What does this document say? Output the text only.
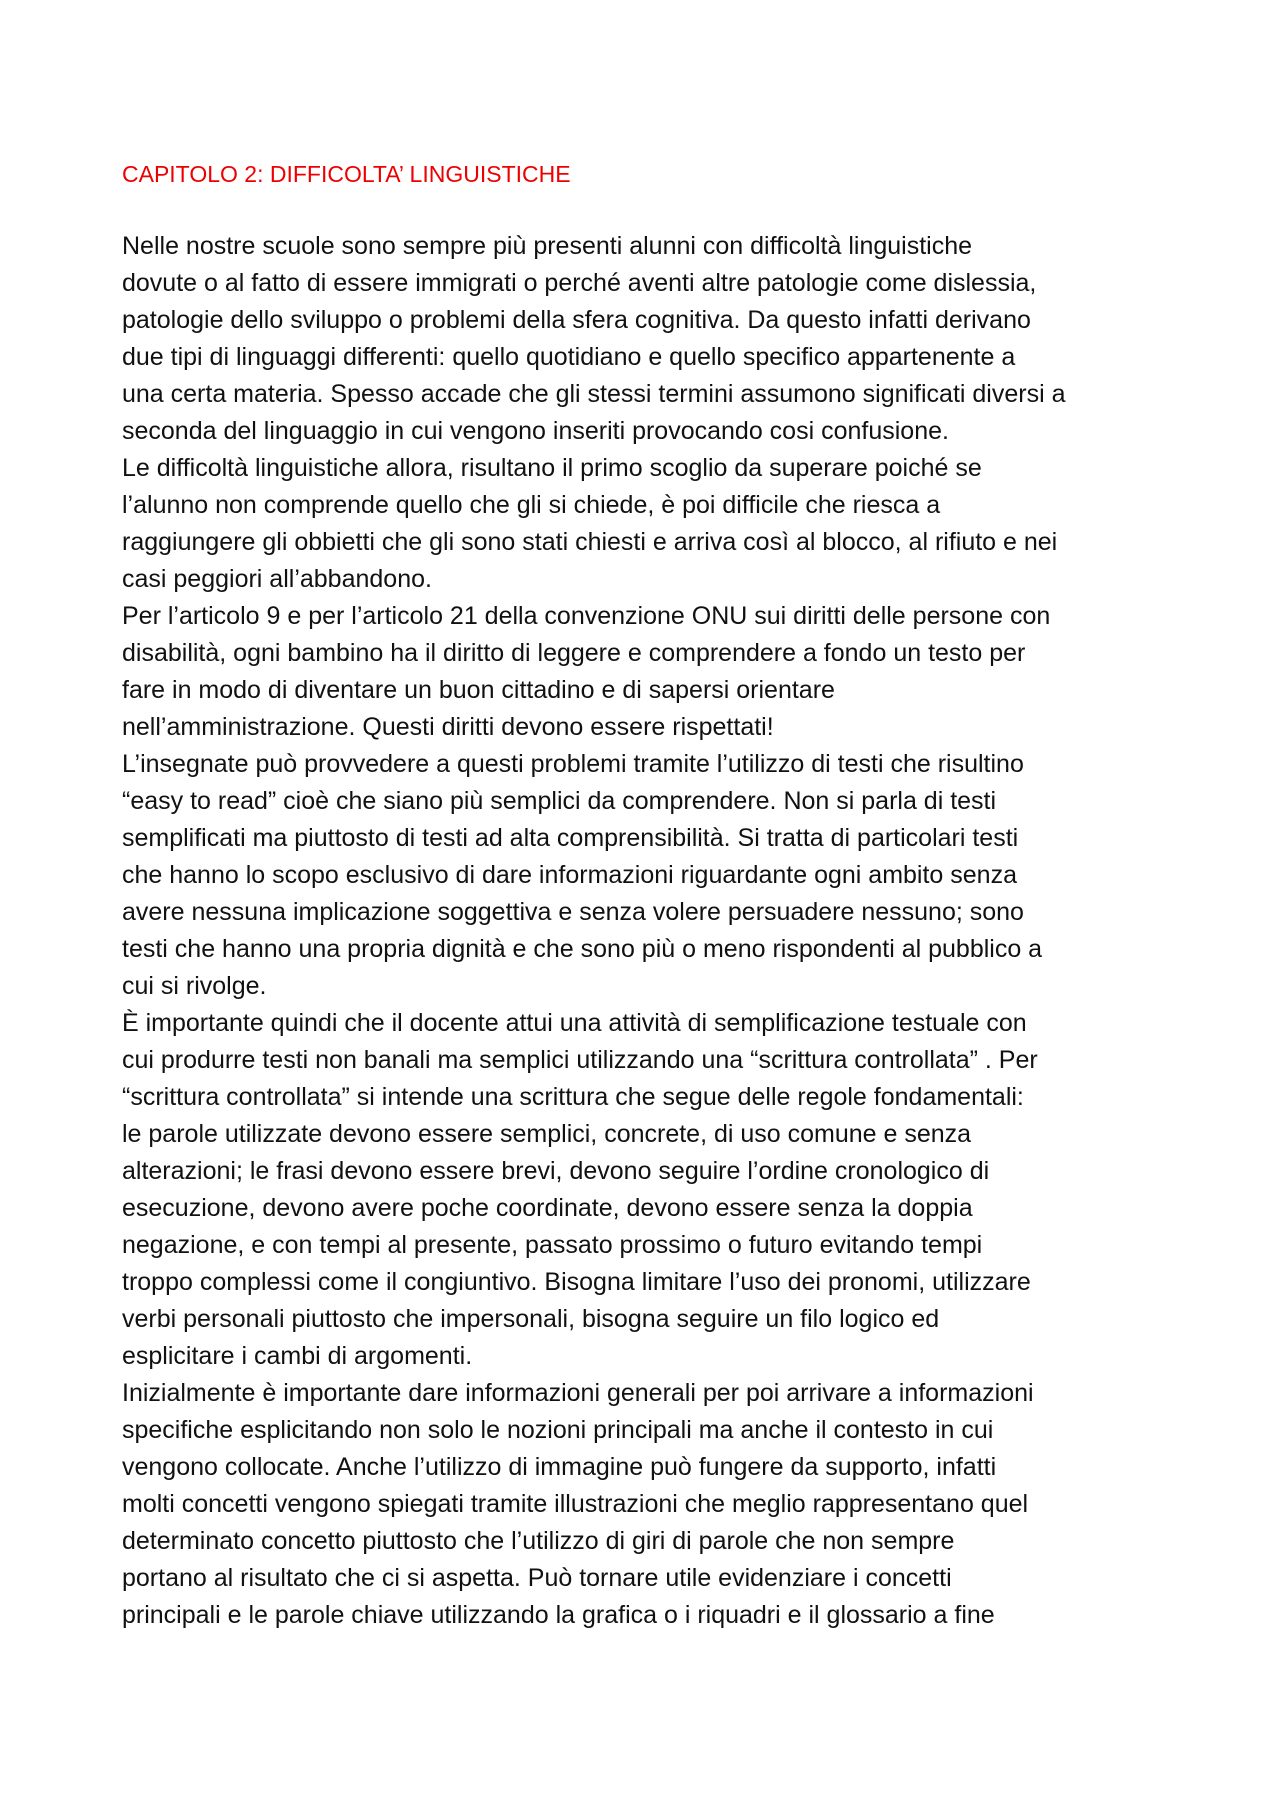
CAPITOLO 2: DIFFICOLTA’ LINGUISTICHE
Nelle nostre scuole sono sempre più presenti alunni con difficoltà linguistiche
dovute o al fatto di essere immigrati o perché aventi altre patologie come dislessia,
patologie dello sviluppo o problemi della sfera cognitiva. Da questo infatti derivano
due tipi di linguaggi differenti: quello quotidiano e quello specifico appartenente a
una certa materia. Spesso accade che gli stessi termini assumono significati diversi a
seconda del linguaggio in cui vengono inseriti provocando cosi confusione.
Le difficoltà linguistiche allora, risultano il primo scoglio da superare poiché se
l’alunno non comprende quello che gli si chiede, è poi difficile che riesca a
raggiungere gli obbietti che gli sono stati chiesti e arriva così al blocco, al rifiuto e nei
casi peggiori all’abbandono.
Per l’articolo 9 e per l’articolo 21 della convenzione ONU sui diritti delle persone con
disabilità, ogni bambino ha il diritto di leggere e comprendere a fondo un testo per
fare in modo di diventare un buon cittadino e di sapersi orientare
nell’amministrazione. Questi diritti devono essere rispettati!
L’insegnate può provvedere a questi problemi tramite l’utilizzo di testi che risultino
“easy to read” cioè che siano più semplici da comprendere. Non si parla di testi
semplificati ma piuttosto di testi ad alta comprensibilità. Si tratta di particolari testi
che hanno lo scopo esclusivo di dare informazioni riguardante ogni ambito senza
avere nessuna implicazione soggettiva e senza volere persuadere nessuno; sono
testi che hanno una propria dignità e che sono più o meno rispondenti al pubblico a
cui si rivolge.
È importante quindi che il docente attui una attività di semplificazione testuale con
cui produrre testi non banali ma semplici utilizzando una “scrittura controllata” . Per
“scrittura controllata” si intende una scrittura che segue delle regole fondamentali:
le parole utilizzate devono essere semplici, concrete, di uso comune e senza
alterazioni; le frasi devono essere brevi, devono seguire l’ordine cronologico di
esecuzione, devono avere poche coordinate, devono essere senza la doppia
negazione, e con tempi al presente, passato prossimo o futuro evitando tempi
troppo complessi come il congiuntivo. Bisogna limitare l’uso dei pronomi, utilizzare
verbi personali piuttosto che impersonali, bisogna seguire un filo logico ed
esplicitare i cambi di argomenti.
Inizialmente è importante dare informazioni generali per poi arrivare a informazioni
specifiche esplicitando non solo le nozioni principali ma anche il contesto in cui
vengono collocate. Anche l’utilizzo di immagine può fungere da supporto, infatti
molti concetti vengono spiegati tramite illustrazioni che meglio rappresentano quel
determinato concetto piuttosto che l’utilizzo di giri di parole che non sempre
portano al risultato che ci si aspetta. Può tornare utile evidenziare i concetti
principali e le parole chiave utilizzando la grafica o i riquadri e il glossario a fine
